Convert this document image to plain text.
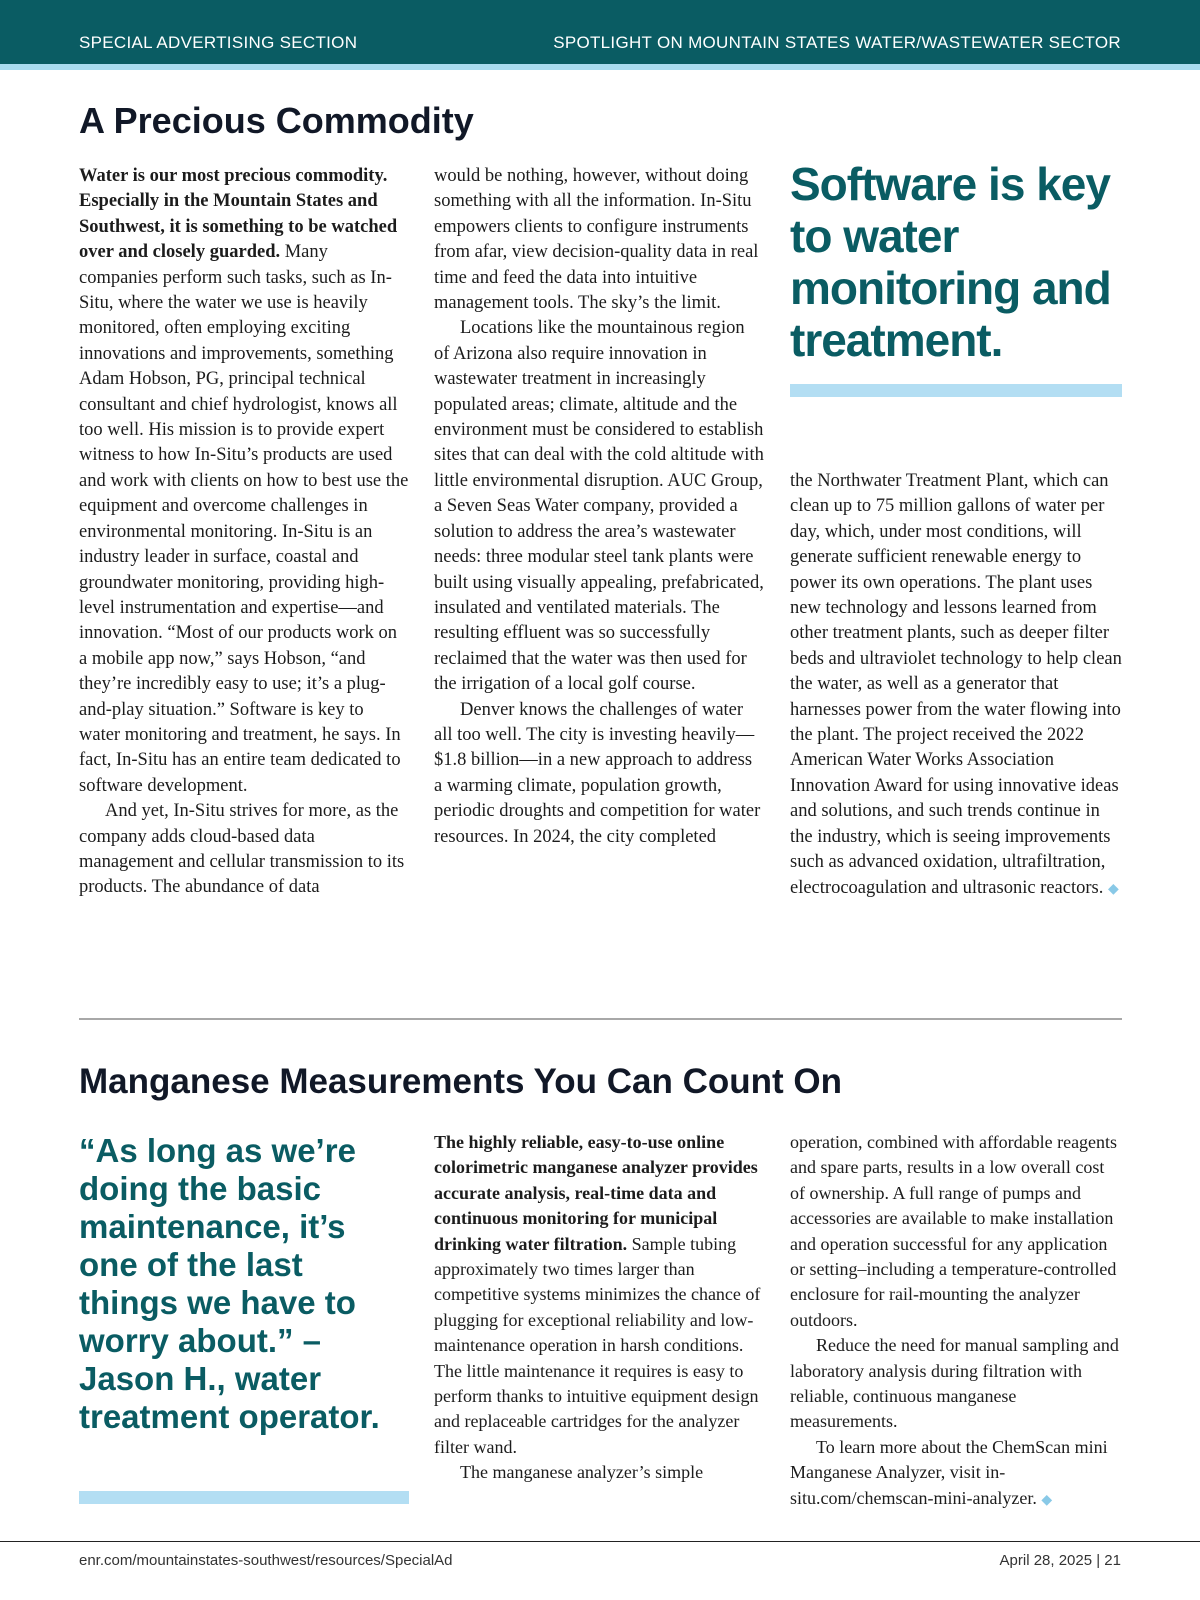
SPECIAL ADVERTISING SECTION	SPOTLIGHT ON MOUNTAIN STATES WATER/WASTEWATER SECTOR
A Precious Commodity

Water is our most precious commodity. Especially in the Mountain States and Southwest, it is something to be watched over and closely guarded. Many companies perform such tasks, such as In-Situ, where the water we use is heavily monitored, often employing exciting innovations and improvements, something Adam Hobson, PG, principal technical consultant and chief hydrologist, knows all too well. His mission is to provide expert witness to how In-Situ’s products are used and work with clients on how to best use the equipment and overcome challenges in environmental monitoring. In-Situ is an industry leader in surface, coastal and groundwater monitoring, providing high-level instrumentation and expertise—and innovation. “Most of our products work on a mobile app now,” says Hobson, “and they’re incredibly easy to use; it’s a plug-and-play situation.” Software is key to water monitoring and treatment, he says. In fact, In-Situ has an entire team dedicated to software development.

And yet, In-Situ strives for more, as the company adds cloud-based data management and cellular transmission to its products. The abundance of data

would be nothing, however, without doing something with all the information. In-Situ empowers clients to configure instruments from afar, view decision-quality data in real time and feed the data into intuitive management tools. The sky’s the limit.

Locations like the mountainous region of Arizona also require innovation in wastewater treatment in increasingly populated areas; climate, altitude and the environment must be considered to establish sites that can deal with the cold altitude with little environmental disruption. AUC Group, a Seven Seas Water company, provided a solution to address the area’s wastewater needs: three modular steel tank plants were built using visually appealing, prefabricated, insulated and ventilated materials. The resulting effluent was so successfully reclaimed that the water was then used for the irrigation of a local golf course.

Denver knows the challenges of water all too well. The city is investing heavily—$1.8 billion—in a new approach to address a warming climate, population growth, periodic droughts and competition for water resources. In 2024, the city completed

Software is key to water monitoring and treatment.

the Northwater Treatment Plant, which can clean up to 75 million gallons of water per day, which, under most conditions, will generate sufficient renewable energy to power its own operations. The plant uses new technology and lessons learned from other treatment plants, such as deeper filter beds and ultraviolet technology to help clean the water, as well as a generator that harnesses power from the water flowing into the plant. The project received the 2022 American Water Works Association Innovation Award for using innovative ideas and solutions, and such trends continue in the industry, which is seeing improvements such as advanced oxidation, ultrafiltration, electrocoagulation and ultrasonic reactors. ◆

Manganese Measurements You Can Count On
“As long as we’re doing the basic maintenance, it’s one of the last things we have to worry about.” –Jason H., water treatment operator.

The highly reliable, easy-to-use online colorimetric manganese analyzer provides accurate analysis, real-time data and continuous monitoring for municipal drinking water filtration. Sample tubing approximately two times larger than competitive systems minimizes the chance of plugging for exceptional reliability and low-maintenance operation in harsh conditions. The little maintenance it requires is easy to perform thanks to intuitive equipment design and replaceable cartridges for the analyzer filter wand.

The manganese analyzer’s simple

operation, combined with affordable reagents and spare parts, results in a low overall cost of ownership. A full range of pumps and accessories are available to make installation and operation successful for any application or setting–including a temperature-controlled enclosure for rail-mounting the analyzer outdoors.

Reduce the need for manual sampling and laboratory analysis during filtration with reliable, continuous manganese measurements.

To learn more about the ChemScan mini Manganese Analyzer, visit in-situ.com/chemscan-mini-analyzer. ◆

enr.com/mountainstates-southwest/resources/SpecialAd	April 28, 2025 | 21
